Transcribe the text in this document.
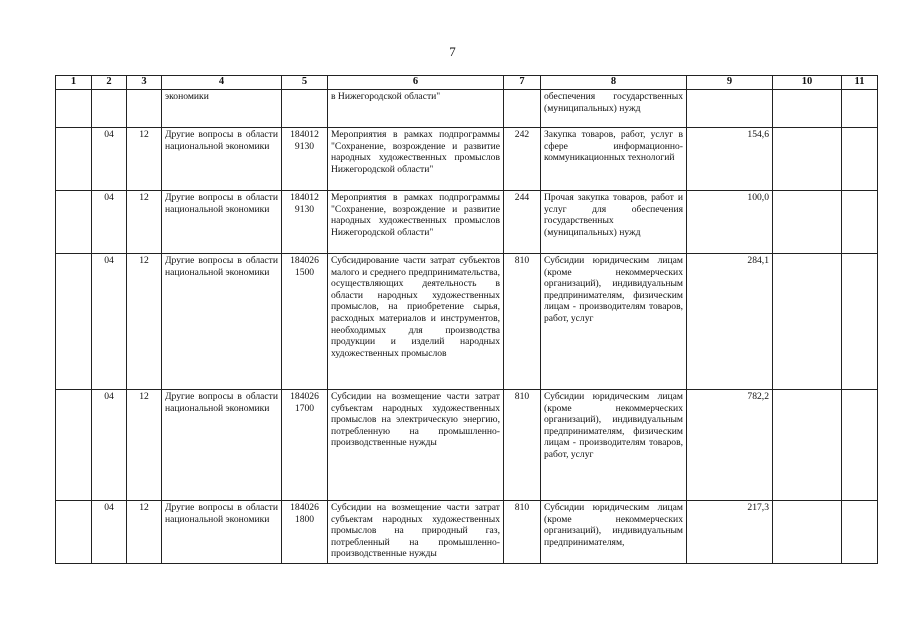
7
1	2	3	4	5	6	7	8	9	10	11
			экономики		в Нижегородской области"		обеспечения государственных (муниципальных) нужд			
	04	12	Другие вопросы в области национальной экономики	184012 9130	Мероприятия в рамках подпрограммы "Сохранение, возрождение и развитие народных художественных промыслов Нижегородской области"	242	Закупка товаров, работ, услуг в сфере информационно-коммуникационных технологий	154,6		
	04	12	Другие вопросы в области национальной экономики	184012 9130	Мероприятия в рамках подпрограммы "Сохранение, возрождение и развитие народных художественных промыслов Нижегородской области"	244	Прочая закупка товаров, работ и услуг для обеспечения государственных (муниципальных) нужд	100,0		
	04	12	Другие вопросы в области национальной экономики	184026 1500	Субсидирование части затрат субъектов малого и среднего предпринимательства, осуществляющих деятельность в области народных художественных промыслов, на приобретение сырья, расходных материалов и инструментов, необходимых для производства продукции и изделий народных художественных промыслов	810	Субсидии юридическим лицам (кроме некоммерческих организаций), индивидуальным предпринимателям, физическим лицам - производителям товаров, работ, услуг	284,1		
	04	12	Другие вопросы в области национальной экономики	184026 1700	Субсидии на возмещение части затрат субъектам народных художественных промыслов на электрическую энергию, потребленную на промышленно-производственные нужды	810	Субсидии юридическим лицам (кроме некоммерческих организаций), индивидуальным предпринимателям, физическим лицам - производителям товаров, работ, услуг	782,2		
	04	12	Другие вопросы в области национальной экономики	184026 1800	Субсидии на возмещение части затрат субъектам народных художественных промыслов на природный газ, потребленный на промышленно-производственные нужды	810	Субсидии юридическим лицам (кроме некоммерческих организаций), индивидуальным предпринимателям,	217,3		
